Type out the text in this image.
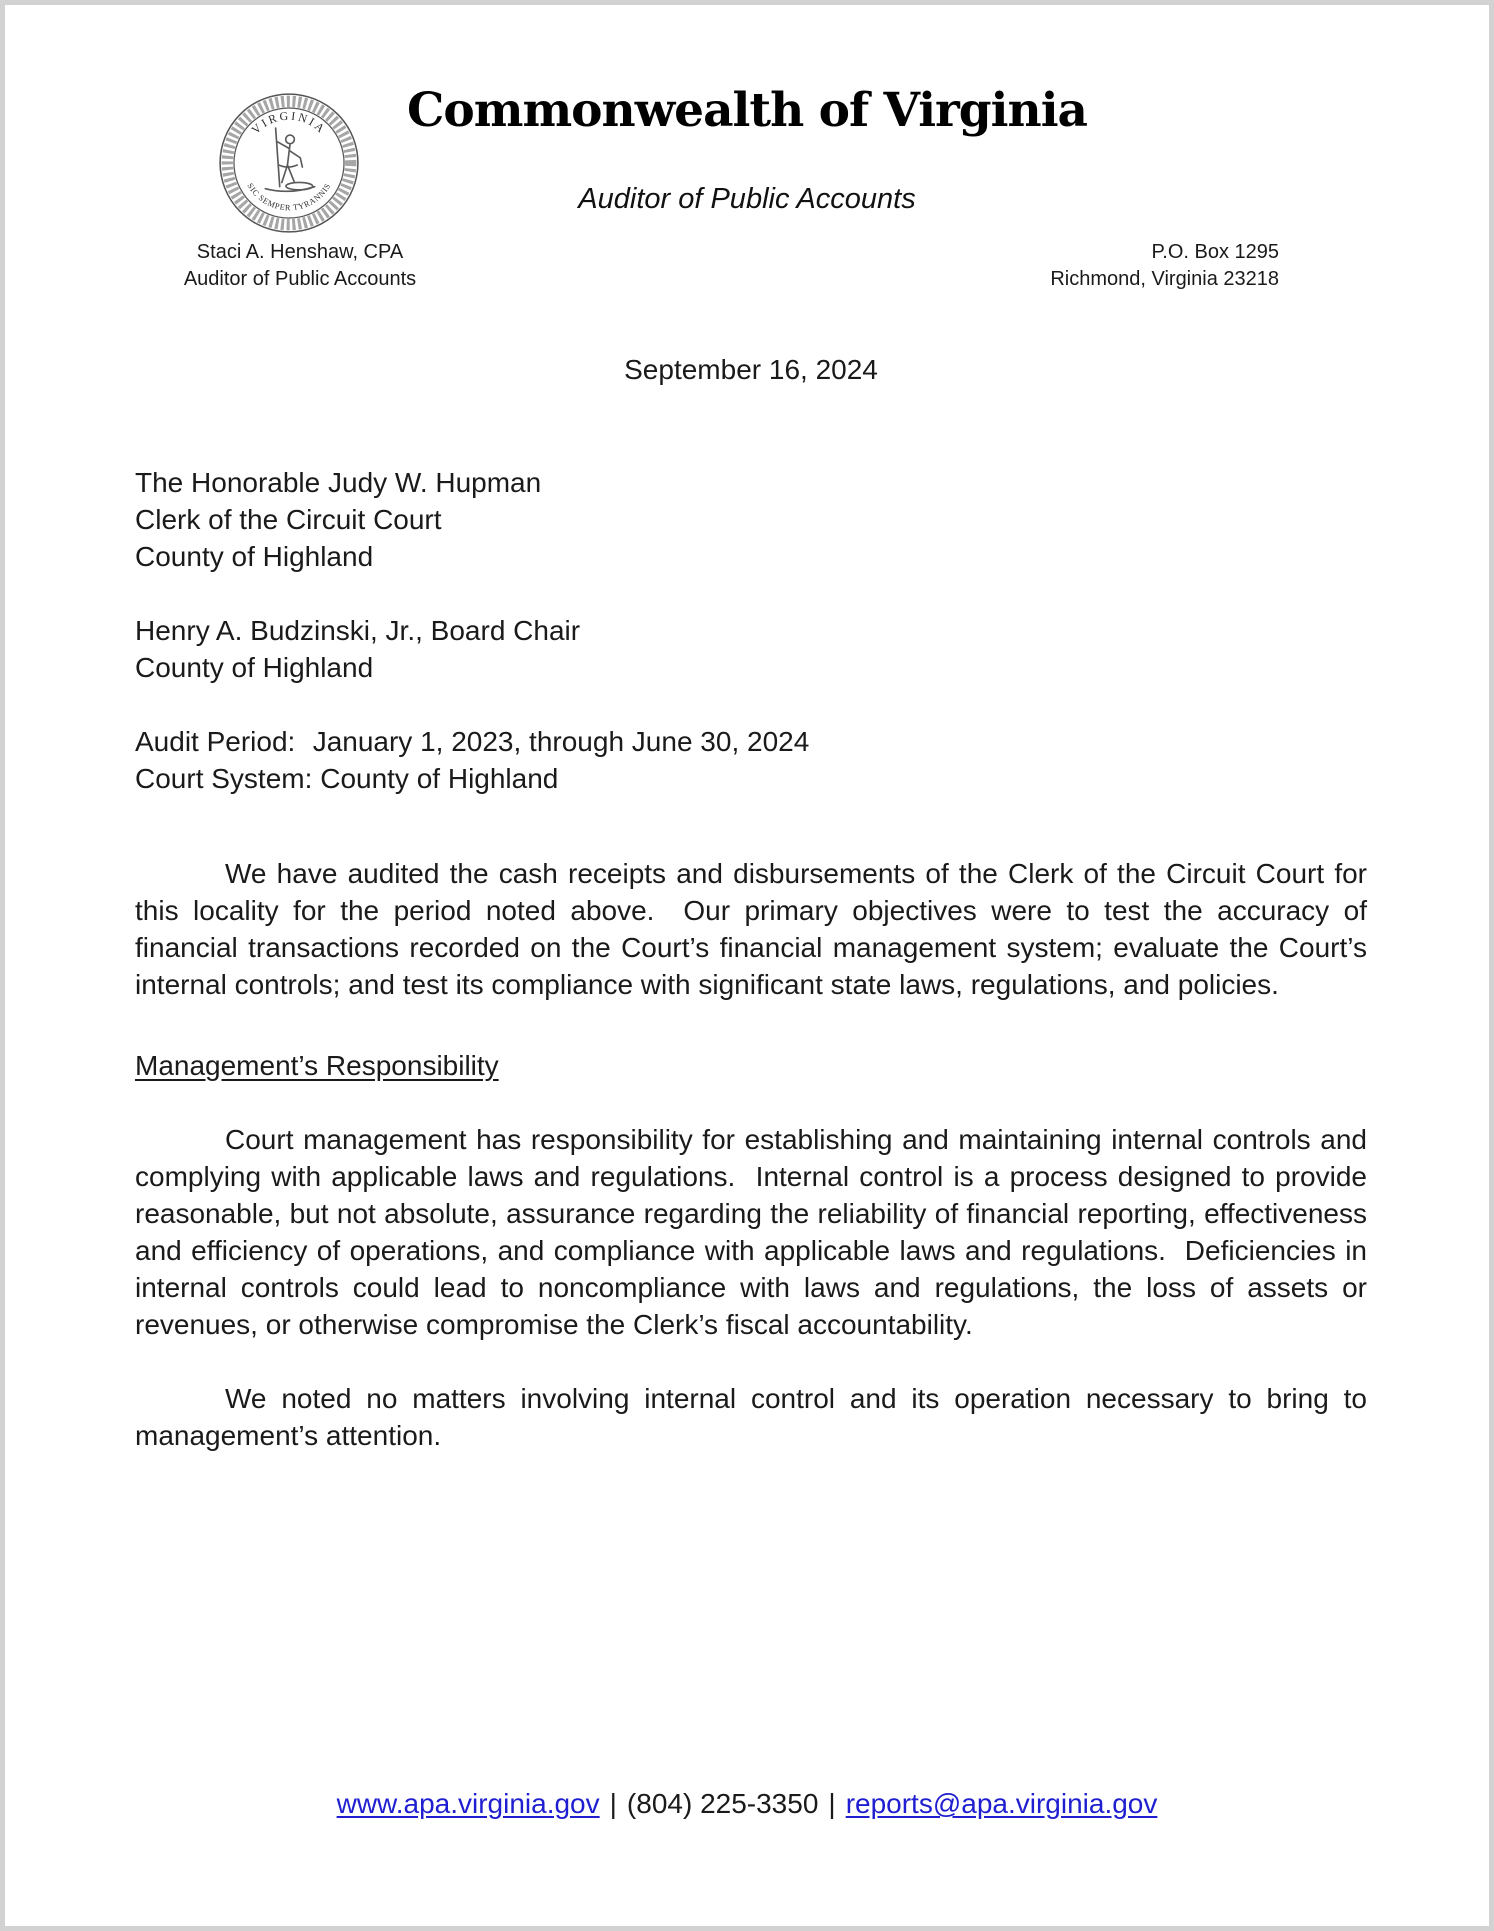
VIRGINIA
SIC SEMPER TYRANNIS
Commonwealth of Virginia
Auditor of Public Accounts
Staci A. Henshaw, CPA
Auditor of Public Accounts
P.O. Box 1295
Richmond, Virginia 23218
September 16, 2024
The Honorable Judy W. Hupman
Clerk of the Circuit Court
County of Highland
Henry A. Budzinski, Jr., Board Chair
County of Highland
Audit Period: January 1, 2023, through June 30, 2024
Court System: County of Highland

We have audited the cash receipts and disbursements of the Clerk of the Circuit Court for this locality for the period noted above.  Our primary objectives were to test the accuracy of financial transactions recorded on the Court’s financial management system; evaluate the Court’s internal controls; and test its compliance with significant state laws, regulations, and policies.

Management’s Responsibility

Court management has responsibility for establishing and maintaining internal controls and complying with applicable laws and regulations.  Internal control is a process designed to provide reasonable, but not absolute, assurance regarding the reliability of financial reporting, effectiveness and efficiency of operations, and compliance with applicable laws and regulations.  Deficiencies in internal controls could lead to noncompliance with laws and regulations, the loss of assets or revenues, or otherwise compromise the Clerk’s fiscal accountability.

We noted no matters involving internal control and its operation necessary to bring to management’s attention.

www.apa.virginia.gov | (804) 225-3350 | reports@apa.virginia.gov
